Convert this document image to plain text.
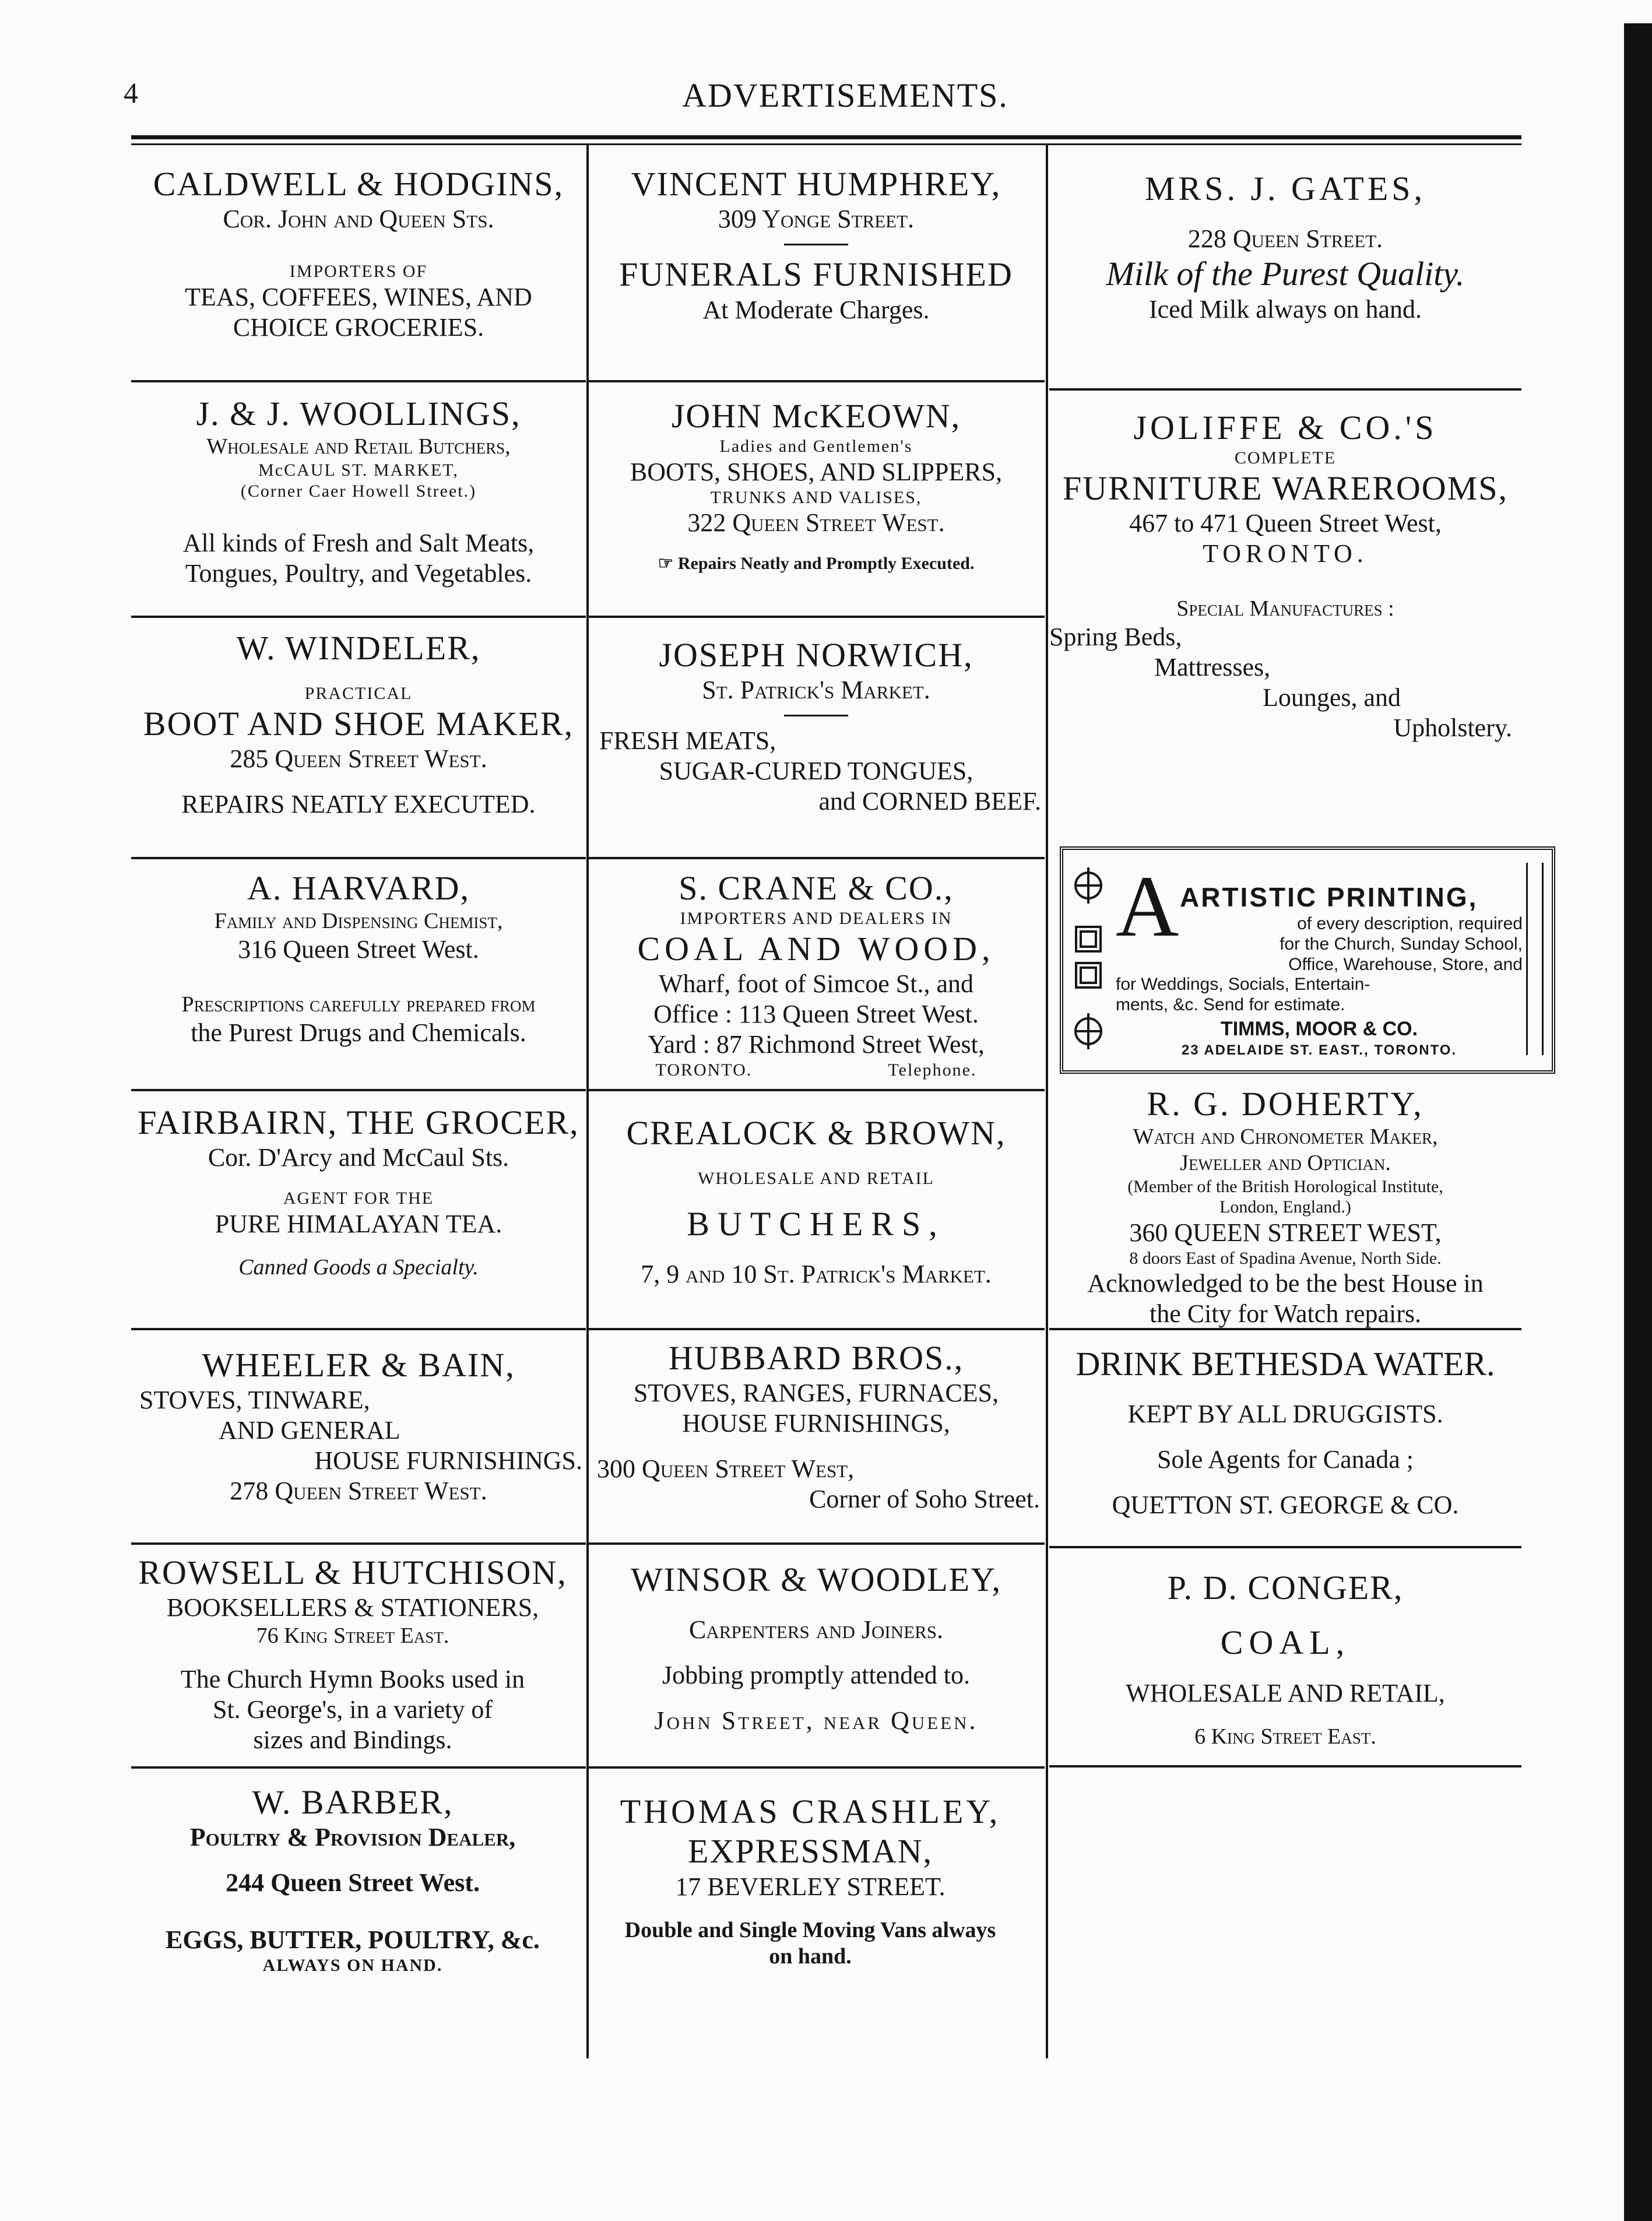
4	ADVERTISEMENTS.
CALDWELL & HODGINS,
Cor. John and Queen Sts.
IMPORTERS OF
TEAS, COFFEES, WINES, AND
CHOICE GROCERIES.
J. & J. WOOLLINGS,
Wholesale and Retail Butchers,
McCAUL ST. MARKET,
(Corner Caer Howell Street.)
All kinds of Fresh and Salt Meats,
Tongues, Poultry, and Vegetables.
W. WINDELER,
PRACTICAL
BOOT AND SHOE MAKER,
285 Queen Street West.
REPAIRS NEATLY EXECUTED.
A. HARVARD,
Family and Dispensing Chemist,
316 Queen Street West.
Prescriptions carefully prepared from
the Purest Drugs and Chemicals.
FAIRBAIRN, THE GROCER,
Cor. D'Arcy and McCaul Sts.
AGENT FOR THE
PURE HIMALAYAN TEA.
Canned Goods a Specialty.
WHEELER & BAIN,
STOVES, TINWARE,
AND GENERAL
HOUSE FURNISHINGS.
278 Queen Street West.
ROWSELL & HUTCHISON,
BOOKSELLERS & STATIONERS,
76 King Street East.
The Church Hymn Books used in
St. George's, in a variety of
sizes and Bindings.
W. BARBER,
Poultry & Provision Dealer,
244 Queen Street West.
EGGS, BUTTER, POULTRY, &c.
ALWAYS ON HAND.
VINCENT HUMPHREY,
309 Yonge Street.
FUNERALS FURNISHED
At Moderate Charges.
JOHN McKEOWN,
Ladies and Gentlemen's
BOOTS, SHOES, AND SLIPPERS,
TRUNKS AND VALISES,
322 Queen Street West.
☞ Repairs Neatly and Promptly Executed.
JOSEPH NORWICH,
St. Patrick's Market.
FRESH MEATS,
SUGAR-CURED TONGUES,
and CORNED BEEF.
S. CRANE & CO.,
IMPORTERS AND DEALERS IN
COAL AND WOOD,
Wharf, foot of Simcoe St., and
Office : 113 Queen Street West.
Yard : 87 Richmond Street West,
TORONTO.	Telephone.
CREALOCK & BROWN,
WHOLESALE AND RETAIL
BUTCHERS,
7, 9 and 10 St. Patrick's Market.
HUBBARD BROS.,
STOVES, RANGES, FURNACES,
HOUSE FURNISHINGS,
300 Queen Street West,
Corner of Soho Street.
WINSOR & WOODLEY,
Carpenters and Joiners.
Jobbing promptly attended to.
John Street, near Queen.
THOMAS CRASHLEY,
EXPRESSMAN,
17 BEVERLEY STREET.
Double and Single Moving Vans always
on hand.
MRS. J. GATES,
228 Queen Street.
Milk of the Purest Quality.
Iced Milk always on hand.
JOLIFFE & CO.'S
COMPLETE
FURNITURE WAREROOMS,
467 to 471 Queen Street West,
TORONTO.
Special Manufactures :
Spring Beds,
Mattresses,
Lounges, and
Upholstery.
A ARTISTIC PRINTING,
of every description, required
for the Church, Sunday School,
Office, Warehouse, Store, and
for Weddings, Socials, Entertain-
ments, &c. Send for estimate.
TIMMS, MOOR & CO.
23 ADELAIDE ST. EAST., TORONTO.
R. G. DOHERTY,
Watch and Chronometer Maker,
Jeweller and Optician.
(Member of the British Horological Institute,
London, England.)
360 QUEEN STREET WEST,
8 doors East of Spadina Avenue, North Side.
Acknowledged to be the best House in
the City for Watch repairs.
DRINK BETHESDA WATER.
KEPT BY ALL DRUGGISTS.
Sole Agents for Canada ;
QUETTON ST. GEORGE & CO.
P. D. CONGER,
COAL,
WHOLESALE AND RETAIL,
6 King Street East.
